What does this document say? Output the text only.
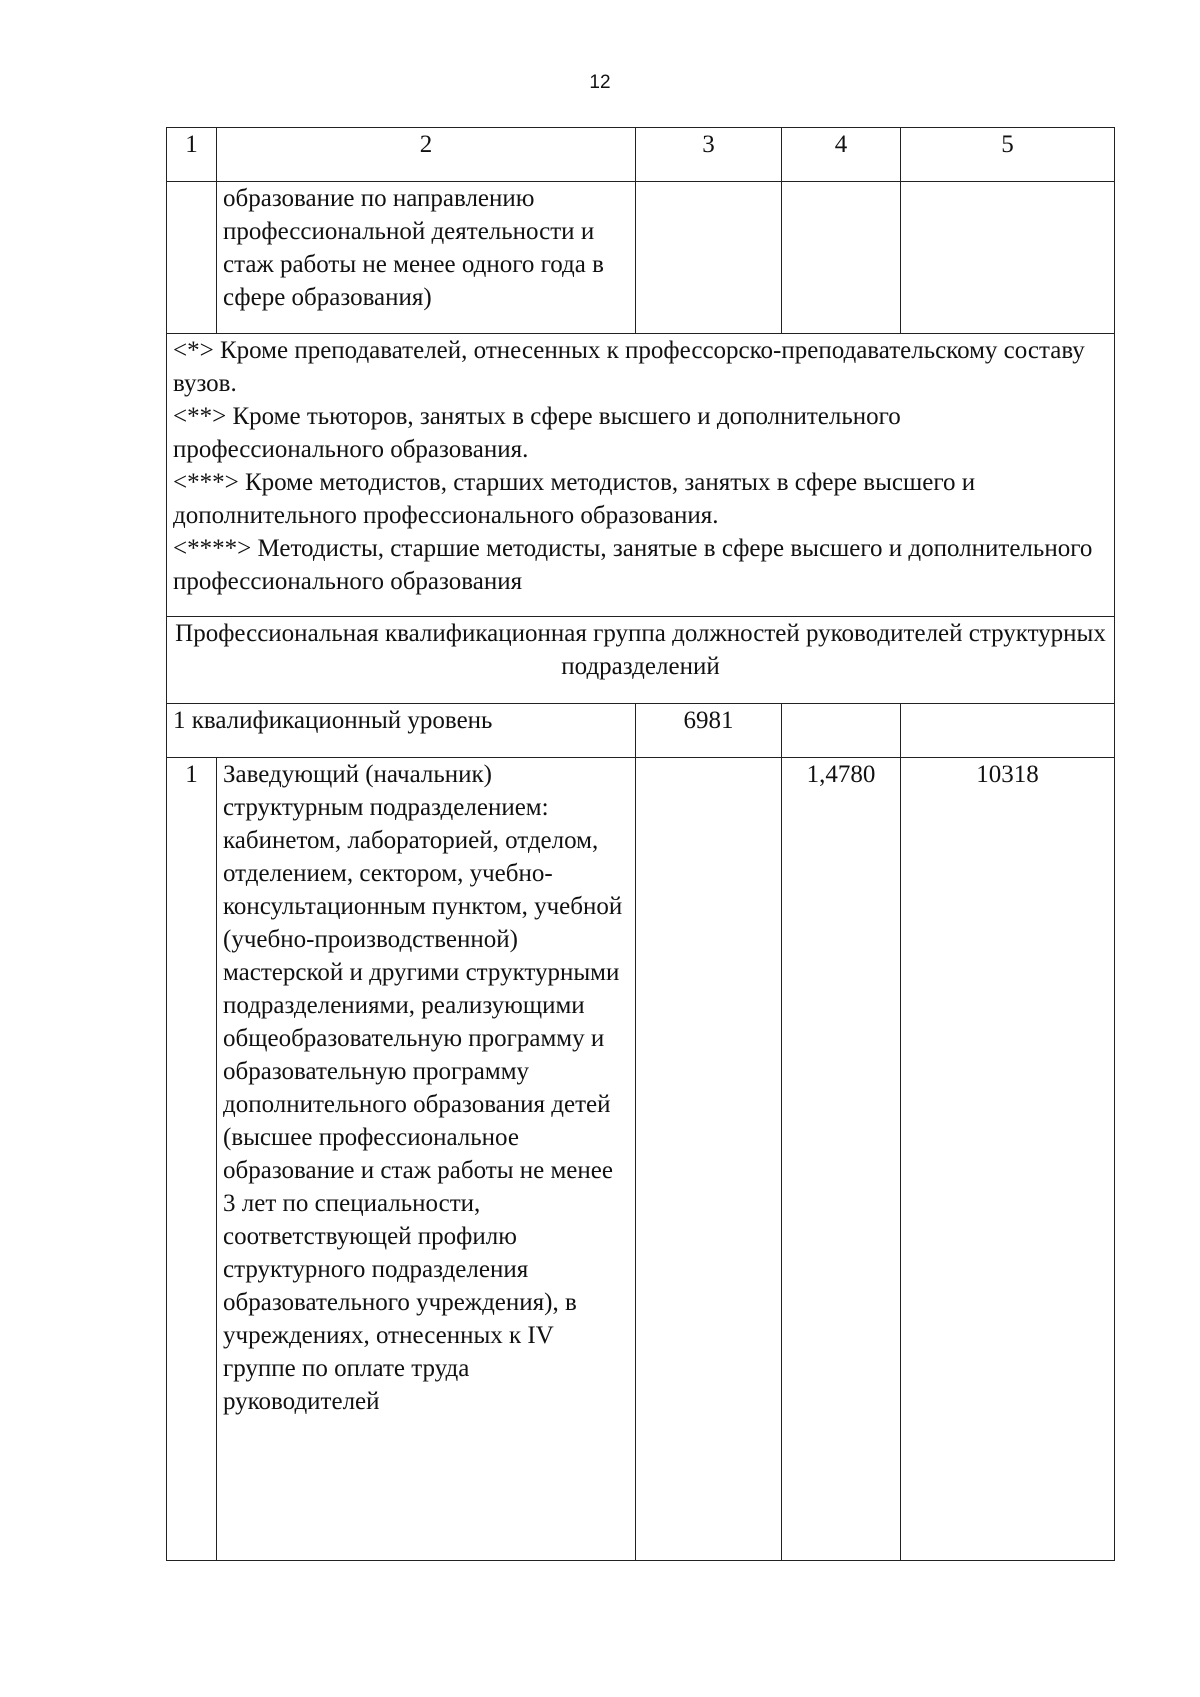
12
1	2	3	4	5
	образование по направлению профессиональной деятельности и стаж работы не менее одного года в сфере образования)			

<*> Кроме преподавателей, отнесенных к профессорско-преподавательскому составу вузов.
<**> Кроме тьюторов, занятых в сфере высшего и дополнительного профессионального образования.
<***> Кроме методистов, старших методистов, занятых в сфере высшего и дополнительного профессионального образования.
<****> Методисты, старшие методисты, занятые в сфере высшего и дополнительного профессионального образования				

Профессиональная квалификационная группа должностей руководителей структурных подразделений				
1 квалификационный уровень		6981		
1	Заведующий (начальник) структурным подразделением: кабинетом, лабораторией, отделом, отделением, сектором, учебно-консультационным пунктом, учебной (учебно-производственной) мастерской и другими структурными подразделениями, реализующими общеобразовательную программу и образовательную программу дополнительного образования детей (высшее профессиональное образование и стаж работы не менее 3 лет по специальности, соответствующей профилю структурного подразделения образовательного учреждения), в учреждениях, отнесенных к IV группе по оплате труда руководителей		1,4780	10318
